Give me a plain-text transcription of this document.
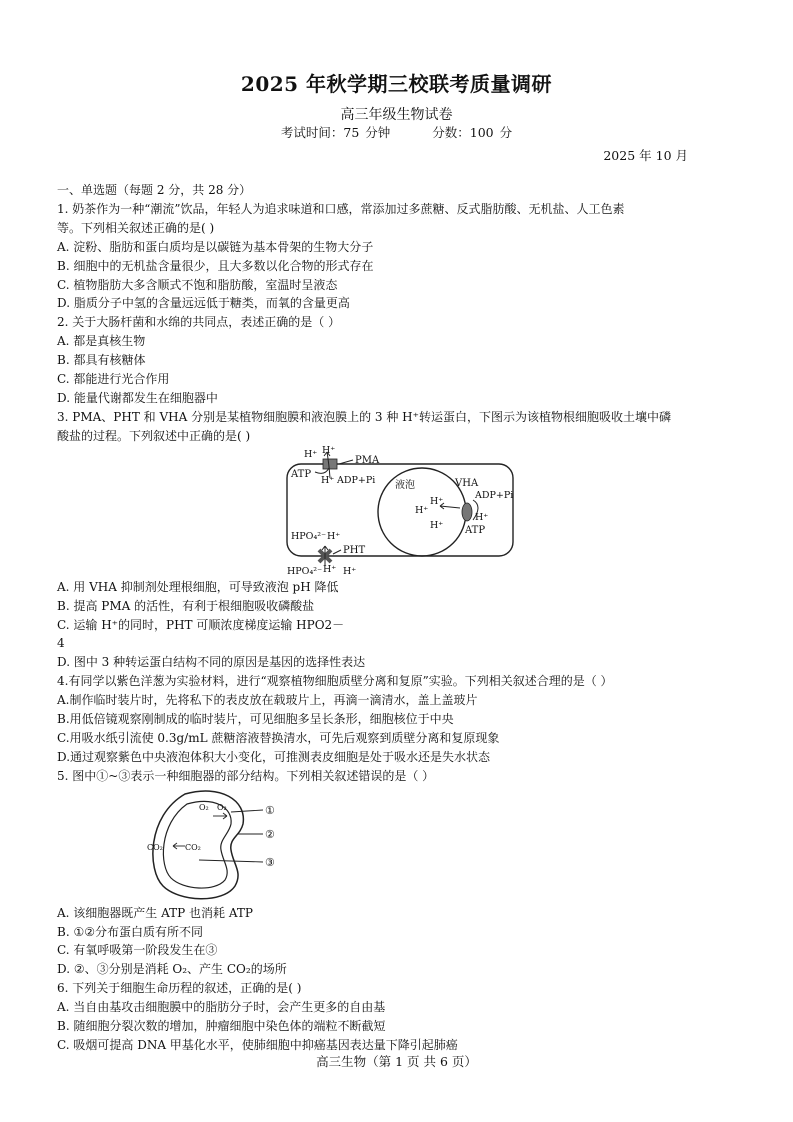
2025 年秋学期三校联考质量调研
高三年级生物试卷
考试时间：75 分钟	分数：100 分
2025 年 10 月
一、单选题（每题 2 分，共 28 分）
1. 奶茶作为一种“潮流”饮品，年轻人为追求味道和口感，常添加过多蔗糖、反式脂肪酸、无机盐、人工色素
等。下列相关叙述正确的是( )
A. 淀粉、脂肪和蛋白质均是以碳链为基本骨架的生物大分子
B. 细胞中的无机盐含量很少，且大多数以化合物的形式存在
C. 植物脂肪大多含顺式不饱和脂肪酸，室温时呈液态
D. 脂质分子中氢的含量远远低于糖类，而氧的含量更高
2. 关于大肠杆菌和水绵的共同点，表述正确的是（ ）
A. 都是真核生物
B. 都具有核糖体
C. 都能进行光合作用
D. 能量代谢都发生在细胞器中
3. PMA、PHT 和 VHA 分别是某植物细胞膜和液泡膜上的 3 种 H⁺转运蛋白，下图示为该植物根细胞吸收土壤中磷
酸盐的过程。下列叙述中正确的是( )
H⁺ H⁺
PMA
ATP
H⁺ ADP+Pi 液泡	VHA
ADP+Pi
H⁺
H⁺
H⁺
H⁺ ATP
HPO₄²⁻ H⁺
PHT
HPO₄²⁻ H⁺ H⁺
A. 用 VHA 抑制剂处理根细胞，可导致液泡 pH 降低
B. 提高 PMA 的活性，有利于根细胞吸收磷酸盐
C. 运输 H⁺的同时，PHT 可顺浓度梯度运输 HPO2－
4
D. 图中 3 种转运蛋白结构不同的原因是基因的选择性表达
4.有同学以紫色洋葱为实验材料，进行“观察植物细胞质壁分离和复原”实验。下列相关叙述合理的是（ ）
A.制作临时装片时，先将私下的表皮放在载玻片上，再滴一滴清水，盖上盖玻片
B.用低倍镜观察刚制成的临时装片，可见细胞多呈长条形，细胞核位于中央
C.用吸水纸引流使 0.3g/mL 蔗糖溶液替换清水，可先后观察到质壁分离和复原现象
D.通过观察紫色中央液泡体积大小变化，可推测表皮细胞是处于吸水还是失水状态
5. 图中①~③表示一种细胞器的部分结构。下列相关叙述错误的是（ ）
O₂ O₂
CO₂	CO₂
①
②
③
A. 该细胞器既产生 ATP 也消耗 ATP
B. ①②分布蛋白质有所不同
C. 有氧呼吸第一阶段发生在③
D. ②、③分别是消耗 O₂、产生 CO₂的场所
6. 下列关于细胞生命历程的叙述，正确的是( )
A. 当自由基攻击细胞膜中的脂肪分子时，会产生更多的自由基
B. 随细胞分裂次数的增加，肿瘤细胞中染色体的端粒不断截短
C. 吸烟可提高 DNA 甲基化水平，使肺细胞中抑癌基因表达量下降引起肺癌
高三生物（第 1 页 共 6 页）
